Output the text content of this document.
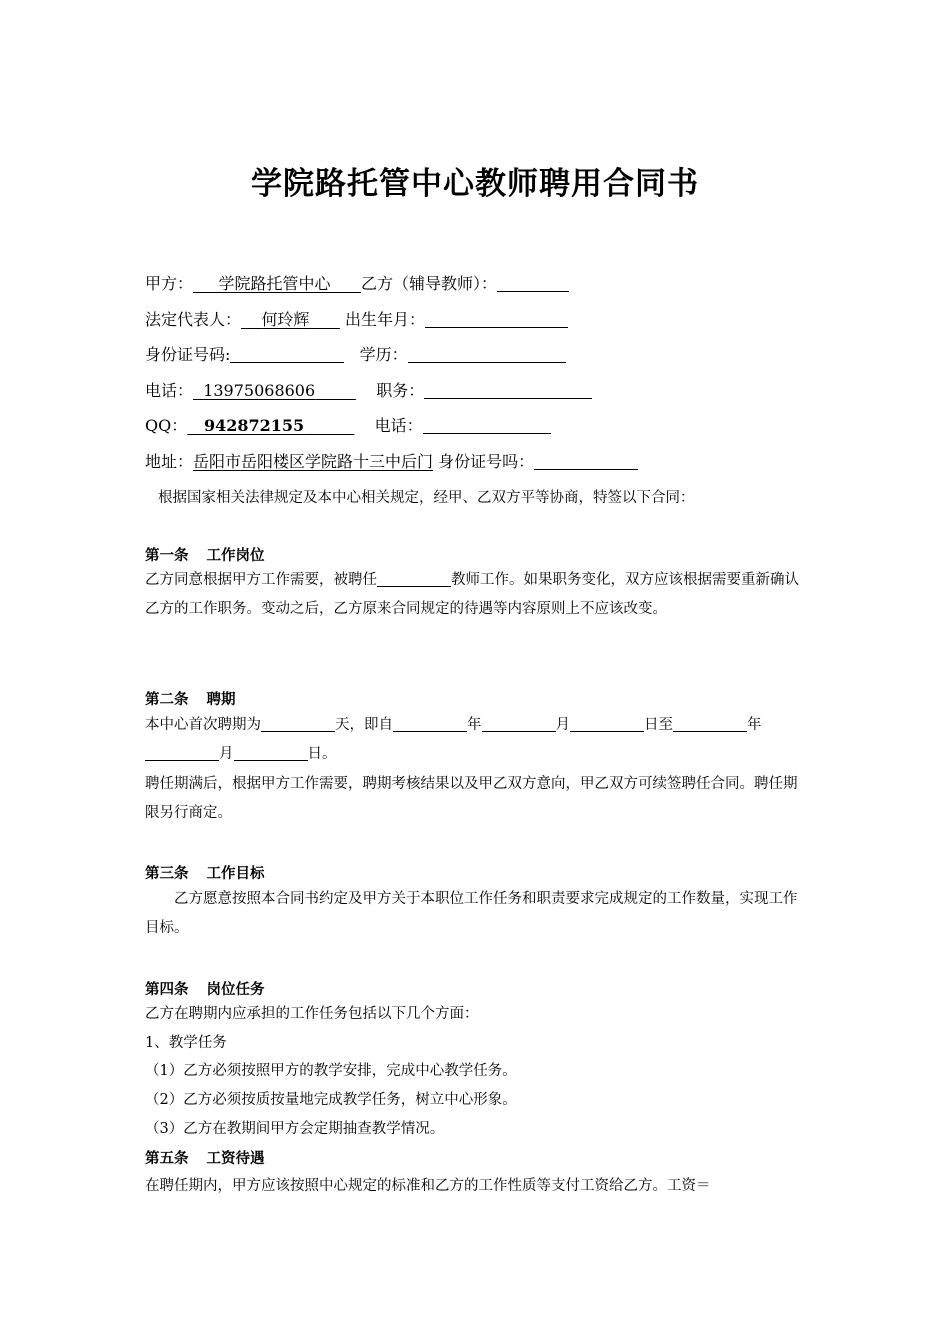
学院路托管中心教师聘用合同书
甲方： 学院路托管中心 乙方（辅导教师）：
法定代表人： 何玲辉 出生年月：
身份证号码:	学历：
电话： 13975068606	职务：
QQ： 942872155	电话：
地址：岳阳市岳阳楼区学院路十三中后门 身份证号吗：
根据国家相关法律规定及本中心相关规定，经甲、乙双方平等协商，特签以下合同：
第一条 工作岗位
乙方同意根据甲方工作需要，被聘任	教师工作。如果职务变化，双方应该根据需要重新确认乙方的工作职务。变动之后，乙方原来合同规定的待遇等内容原则上不应该改变。
第二条 聘期
本中心首次聘期为	天，即自	年	月	日至	年
月	日。
聘任期满后，根据甲方工作需要，聘期考核结果以及甲乙双方意向，甲乙双方可续签聘任合同。聘任期限另行商定。
第三条 工作目标
乙方愿意按照本合同书约定及甲方关于本职位工作任务和职责要求完成规定的工作数量，实现工作目标。
第四条 岗位任务
乙方在聘期内应承担的工作任务包括以下几个方面：
1、教学任务
（1）乙方必须按照甲方的教学安排，完成中心教学任务。
（2）乙方必须按质按量地完成教学任务，树立中心形象。
（3）乙方在教期间甲方会定期抽查教学情况。
第五条 工资待遇
在聘任期内，甲方应该按照中心规定的标准和乙方的工作性质等支付工资给乙方。工资＝
